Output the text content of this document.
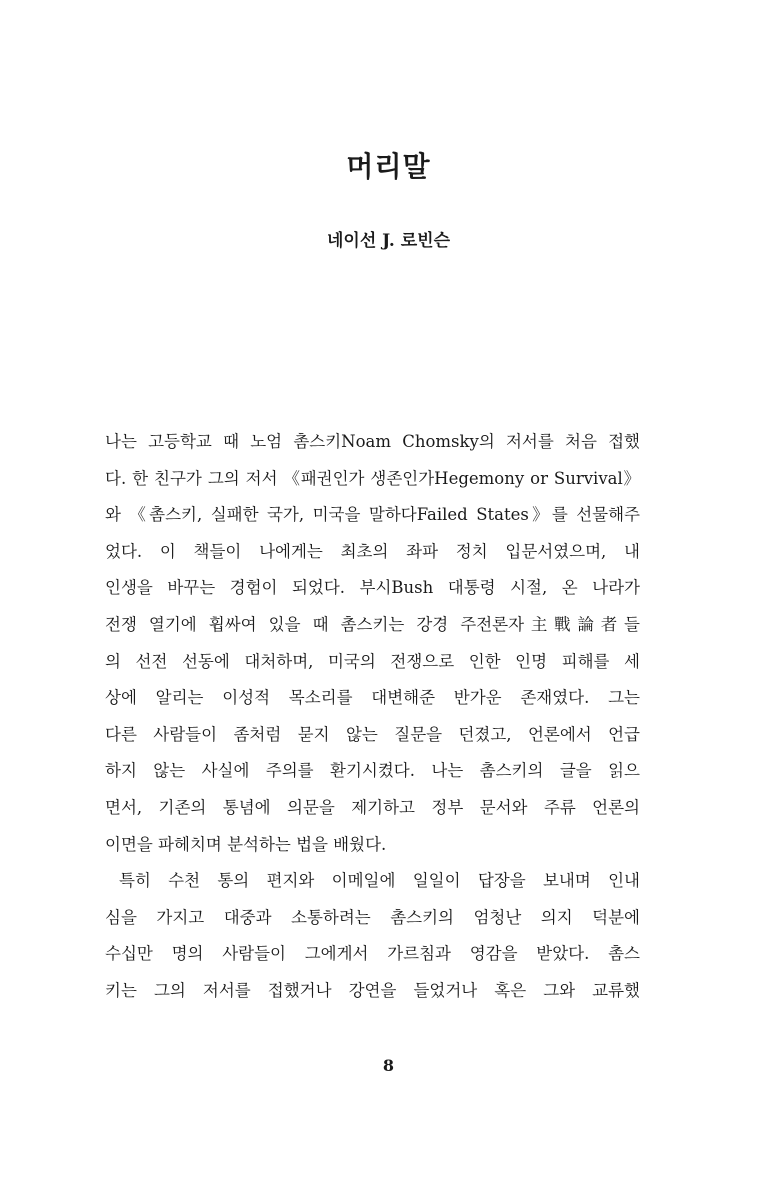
머리말

네이선 J. 로빈슨

나는 고등학교 때 노엄 촘스키Noam Chomsky의 저서를 처음 접했
다. 한 친구가 그의 저서 《패권인가 생존인가Hegemony or Survival》
와 《촘스키, 실패한 국가, 미국을 말하다Failed States》를 선물해주
었다. 이 책들이 나에게는 최초의 좌파 정치 입문서였으며, 내
인생을 바꾸는 경험이 되었다. 부시Bush 대통령 시절, 온 나라가
전쟁 열기에 휩싸여 있을 때 촘스키는 강경 주전론자主戰論者들
의 선전 선동에 대처하며, 미국의 전쟁으로 인한 인명 피해를 세
상에 알리는 이성적 목소리를 대변해준 반가운 존재였다. 그는
다른 사람들이 좀처럼 묻지 않는 질문을 던졌고, 언론에서 언급
하지 않는 사실에 주의를 환기시켰다. 나는 촘스키의 글을 읽으
면서, 기존의 통념에 의문을 제기하고 정부 문서와 주류 언론의
이면을 파헤치며 분석하는 법을 배웠다.
특히 수천 통의 편지와 이메일에 일일이 답장을 보내며 인내
심을 가지고 대중과 소통하려는 촘스키의 엄청난 의지 덕분에
수십만 명의 사람들이 그에게서 가르침과 영감을 받았다. 촘스
키는 그의 저서를 접했거나 강연을 들었거나 혹은 그와 교류했

8
